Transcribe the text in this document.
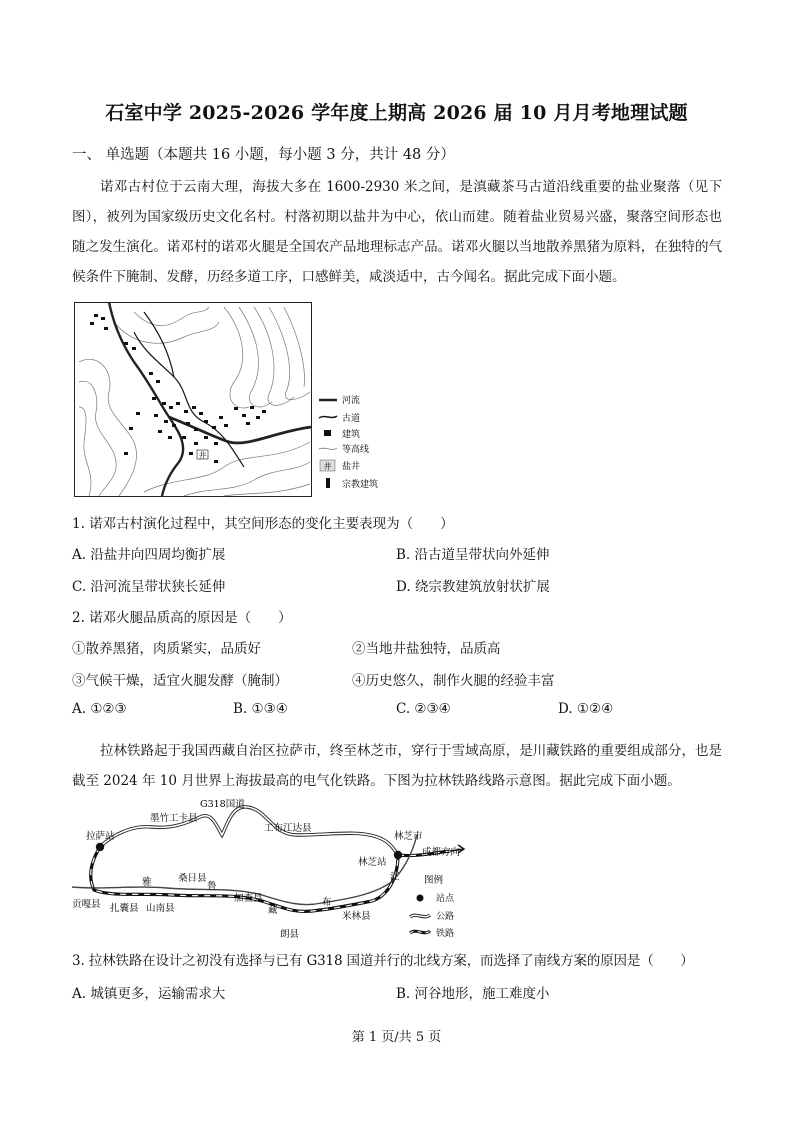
石室中学 2025-2026 学年度上期高 2026 届 10 月月考地理试题
一、 单选题（本题共 16 小题，每小题 3 分，共计 48 分）
诺邓古村位于云南大理，海拔大多在 1600-2930 米之间，是滇藏茶马古道沿线重要的盐业聚落（见下图），被列为国家级历史文化名村。村落初期以盐井为中心，依山而建。随着盐业贸易兴盛，聚落空间形态也随之发生演化。诺邓村的诺邓火腿是全国农产品地理标志产品。诺邓火腿以当地散养黑猪为原料，在独特的气候条件下腌制、发酵，历经多道工序，口感鲜美，咸淡适中，古今闻名。据此完成下面小题。
井
河流
古道
建筑
等高线
井 盐井
宗教建筑
1. 诺邓古村演化过程中，其空间形态的变化主要表现为（　　）
A. 沿盐井向四周均衡扩展	B. 沿古道呈带状向外延伸
C. 沿河流呈带状狭长延伸	D. 绕宗教建筑放射状扩展
2. 诺邓火腿品质高的原因是（　　）
①散养黑猪，肉质紧实，品质好	②当地井盐独特，品质高
③气候干燥，适宜火腿发酵（腌制）	④历史悠久，制作火腿的经验丰富
A. ①②③	B. ①③④	C. ②③④	D. ①②④
拉林铁路起于我国西藏自治区拉萨市，终至林芝市，穿行于雪域高原，是川藏铁路的重要组成部分，也是截至 2024 年 10 月世界上海拔最高的电气化铁路。下图为拉林铁路线路示意图。据此完成下面小题。
G318国道
墨竹工卡县
工布江达县
拉萨站	林芝市
成都方向
林芝站
江	图例
雅	桑日县
鲁
加查县
藏
布
贡嘎县 扎囊县 山南县
米林县
朗县
站点
公路
铁路
3. 拉林铁路在设计之初没有选择与已有 G318 国道并行的北线方案，而选择了南线方案的原因是（　　）
A. 城镇更多，运输需求大	B. 河谷地形，施工难度小
第 1 页/共 5 页
